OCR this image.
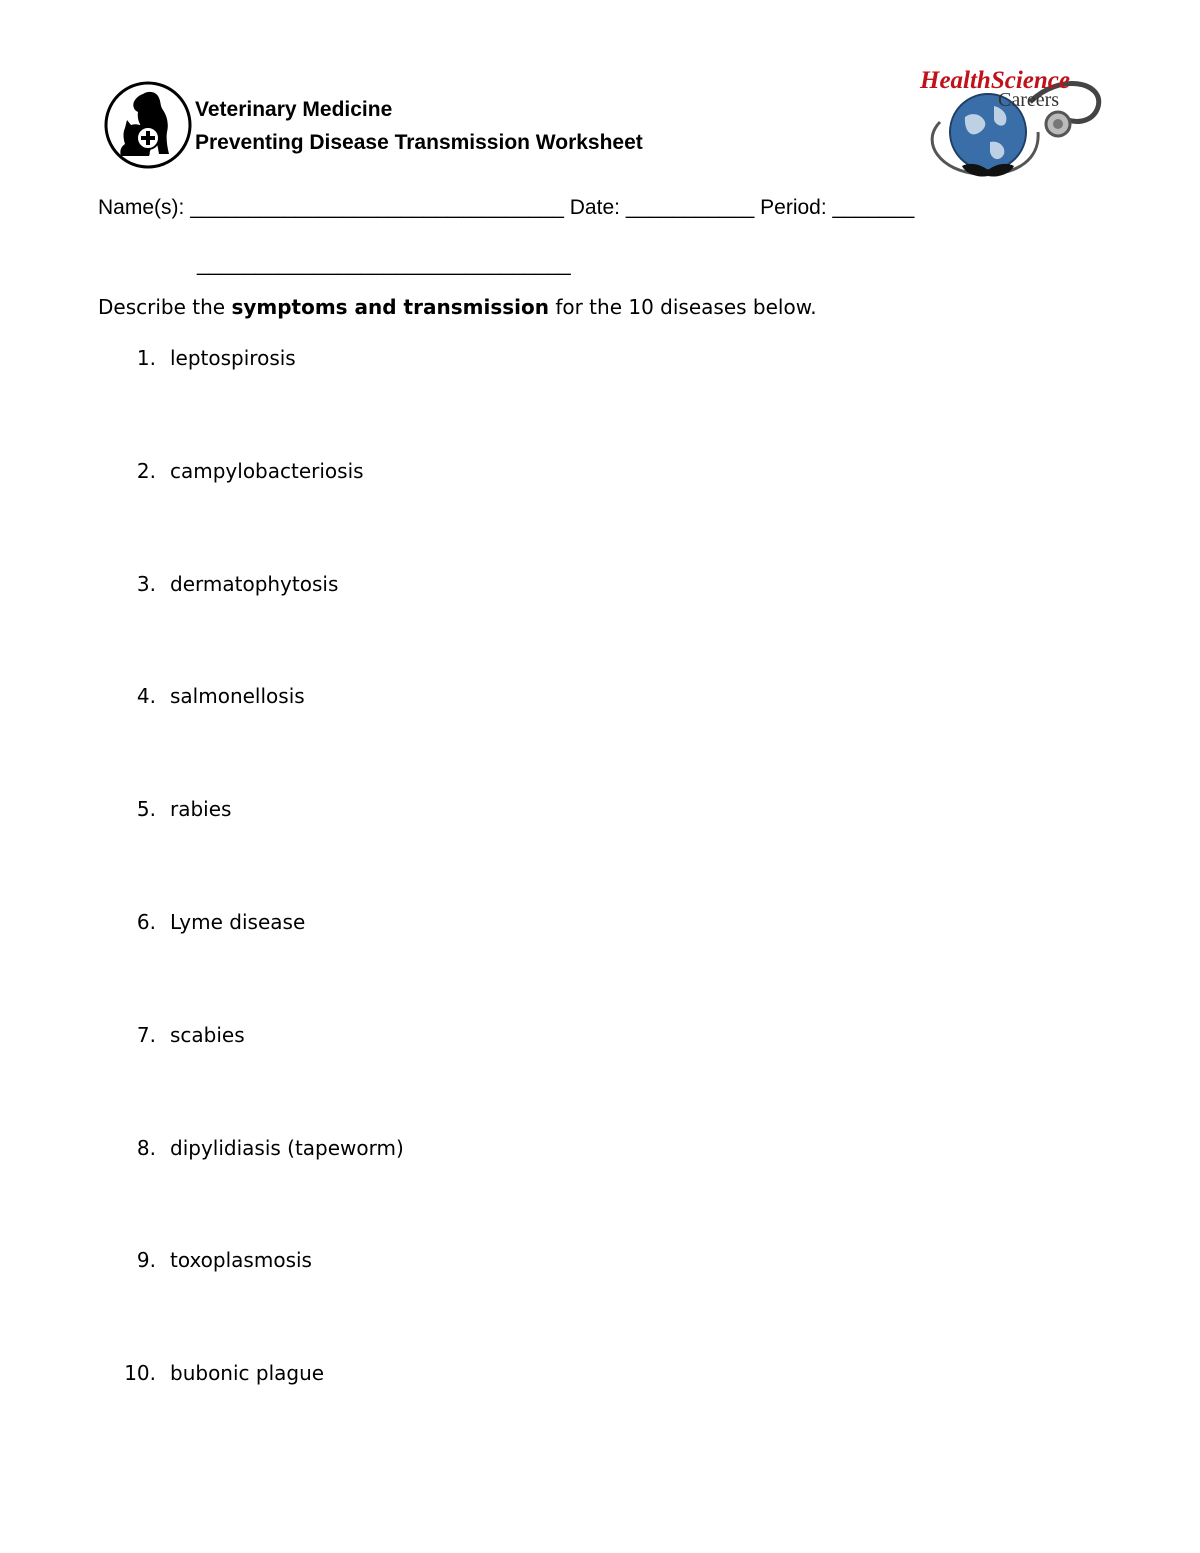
Veterinary Medicine
Preventing Disease Transmission Worksheet
HealthScience
Careers
Name(s): ________________________________ Date: ___________ Period: _______
________________________________
Describe the symptoms and transmission for the 10 diseases below.
1. leptospirosis
2. campylobacteriosis
3. dermatophytosis
4. salmonellosis
5. rabies
6. Lyme disease
7. scabies
8. dipylidiasis (tapeworm)
9. toxoplasmosis
10. bubonic plague
